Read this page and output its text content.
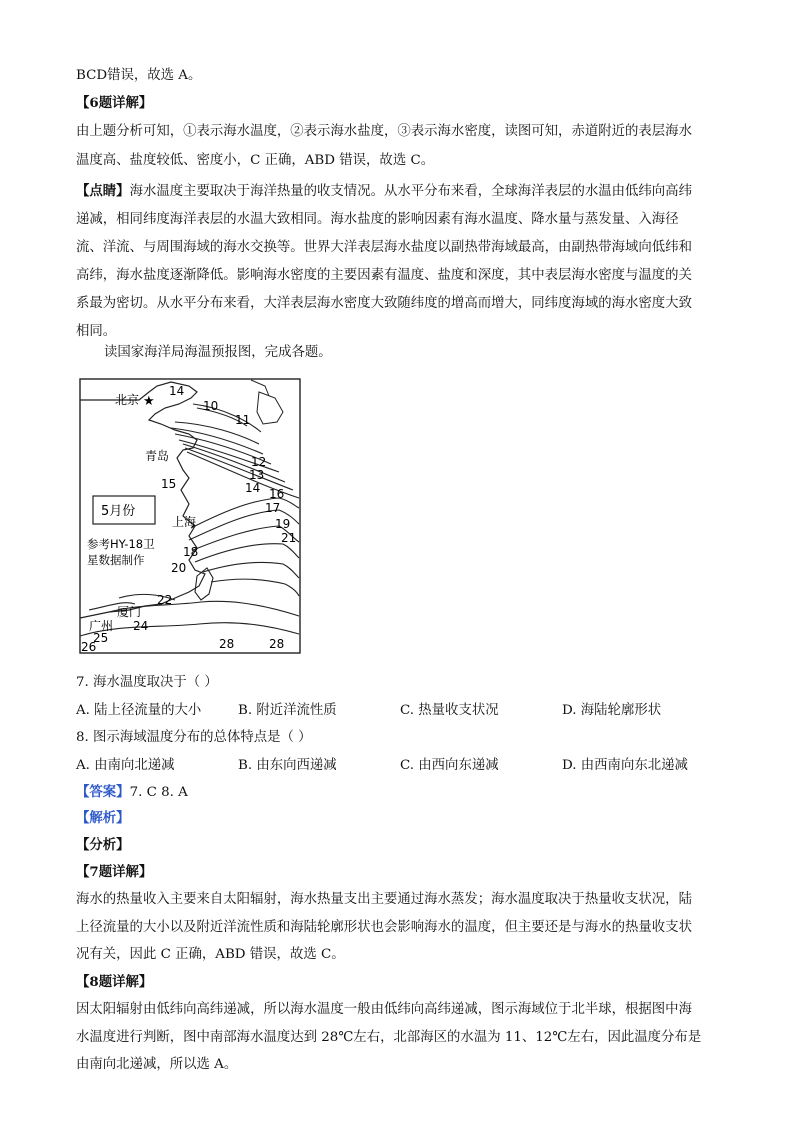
BCD错误，故选 A。
【6题详解】
由上题分析可知，①表示海水温度，②表示海水盐度，③表示海水密度，读图可知，赤道附近的表层海水
温度高、盐度较低、密度小，C 正确，ABD 错误，故选 C。
【点睛】海水温度主要取决于海洋热量的收支情况。从水平分布来看，全球海洋表层的水温由低纬向高纬
递减，相同纬度海洋表层的水温大致相同。海水盐度的影响因素有海水温度、降水量与蒸发量、入海径
流、洋流、与周围海域的海水交换等。世界大洋表层海水盐度以副热带海域最高，由副热带海域向低纬和
高纬，海水盐度逐渐降低。影响海水密度的主要因素有温度、盐度和深度，其中表层海水密度与温度的关
系最为密切。从水平分布来看，大洋表层海水密度大致随纬度的增高而增大，同纬度海域的海水密度大致
相同。
读国家海洋局海温预报图，完成各题。
北京 ★
青岛
上海
厦门
广州
5月份
参考HY-18卫
星数据制作
14
10
11
12
13
14
15
16
17
19
21
18
20
22
24
25
26	28	28
7. 海水温度取决于（ ）
A. 陆上径流量的大小	B. 附近洋流性质	C. 热量收支状况	D. 海陆轮廓形状
8. 图示海域温度分布的总体特点是（ ）
A. 由南向北递减	B. 由东向西递减	C. 由西向东递减	D. 由西南向东北递减
【答案】7. C 8. A
【解析】
【分析】
【7题详解】
海水的热量收入主要来自太阳辐射，海水热量支出主要通过海水蒸发；海水温度取决于热量收支状况，陆
上径流量的大小以及附近洋流性质和海陆轮廓形状也会影响海水的温度，但主要还是与海水的热量收支状
况有关，因此 C 正确，ABD 错误，故选 C。
【8题详解】
因太阳辐射由低纬向高纬递减，所以海水温度一般由低纬向高纬递减，图示海域位于北半球，根据图中海
水温度进行判断，图中南部海水温度达到 28℃左右，北部海区的水温为 11、12℃左右，因此温度分布是
由南向北递减，所以选 A。
